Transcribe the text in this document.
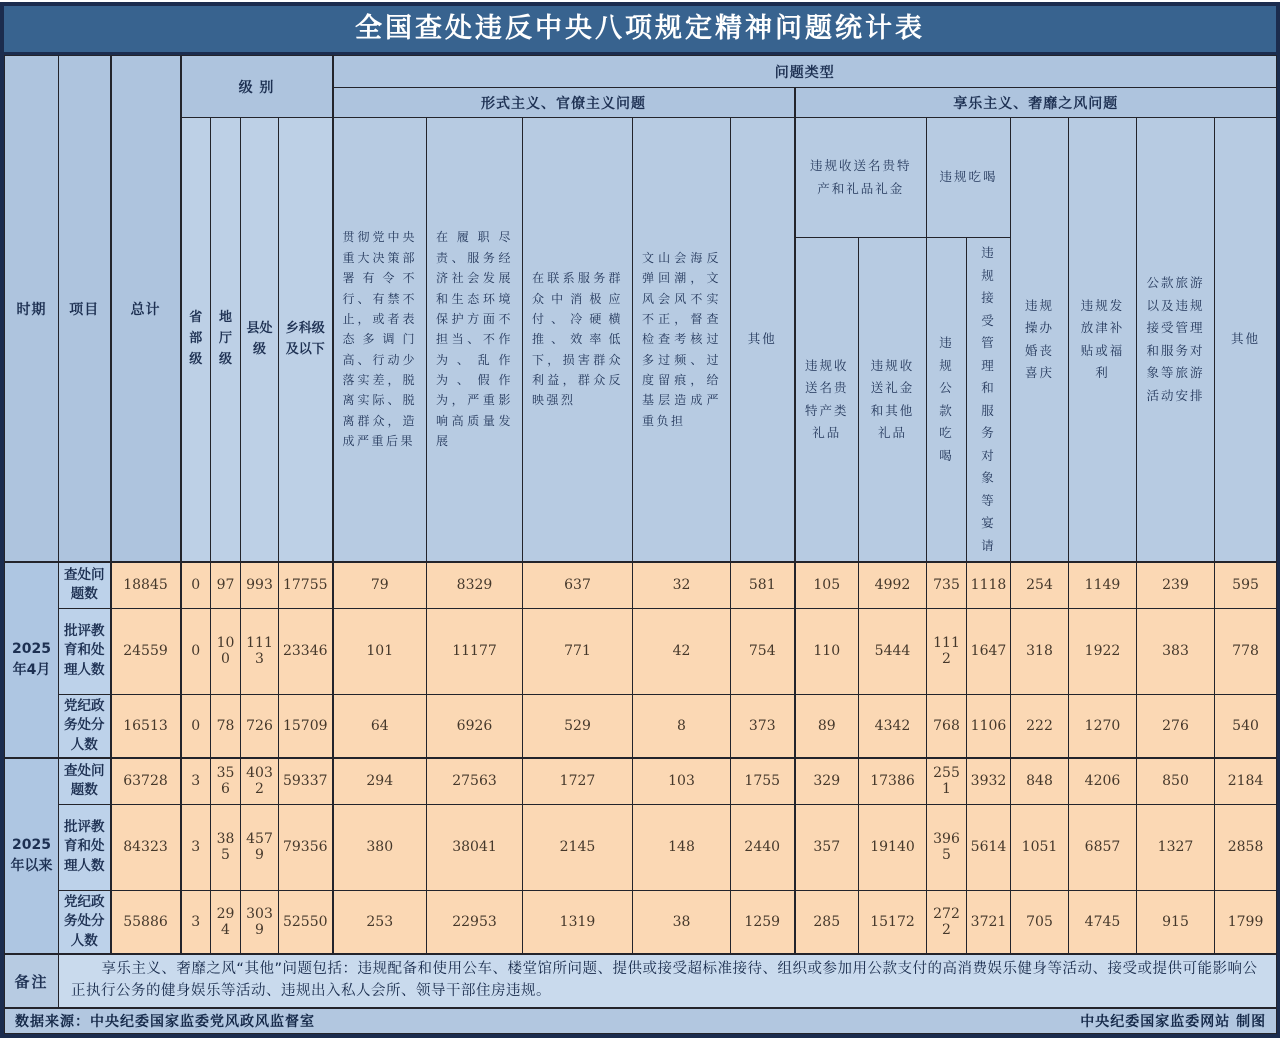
全国查处违反中央八项规定精神问题统计表
时期	项目	总计	级 别				问题类型												
							形式主义、官僚主义问题					享乐主义、奢靡之风问题							
			省部级	地厅级	县处级	乡科级及以下	贯彻党中央重大决策部署有令不行、有禁不止，或者表态多调门高、行动少落实差，脱离实际、脱离群众，造成严重后果	在履职尽责、服务经济社会发展和生态环境保护方面不担当、不作为、乱作为、假作为，严重影响高质量发展	在联系服务群众中消极应付、冷硬横推、效率低下，损害群众利益，群众反映强烈	文山会海反弹回潮，文风会风不实不正，督查检查考核过多过频、过度留痕，给基层造成严重负担	其他	违规收送名贵特产和礼品礼金		违规吃喝		违规操办婚丧喜庆	违规发放津补贴或福利	公款旅游以及违规接受管理和服务对象等旅游活动安排	其他
												违规收送名贵特产类礼品	违规收送礼金和其他礼品	违规公款吃喝	违规接受管理和服务对象等宴请				
2025年4月	查处问题数	18845	0	97	993	17755	79	8329	637	32	581	105	4992	735	1118	254	1149	239	595
	批评教育和处理人数	24559	0	100	1113	23346	101	11177	771	42	754	110	5444	1112	1647	318	1922	383	778
	党纪政务处分人数	16513	0	78	726	15709	64	6926	529	8	373	89	4342	768	1106	222	1270	276	540
2025年以来	查处问题数	63728	3	356	4032	59337	294	27563	1727	103	1755	329	17386	2551	3932	848	4206	850	2184
	批评教育和处理人数	84323	3	385	4579	79356	380	38041	2145	148	2440	357	19140	3965	5614	1051	6857	1327	2858
	党纪政务处分人数	55886	3	294	3039	52550	253	22953	1319	38	1259	285	15172	2722	3721	705	4745	915	1799
备注	享乐主义、奢靡之风“其他”问题包括：违规配备和使用公车、楼堂馆所问题、提供或接受超标准接待、组织或参加用公款支付的高消费娱乐健身等活动、接受或提供可能影响公正执行公务的健身娱乐等活动、违规出入私人会所、领导干部住房违规。																		

数据来源：中央纪委国家监委党风政风监督室 中央纪委国家监委网站 制图																			
